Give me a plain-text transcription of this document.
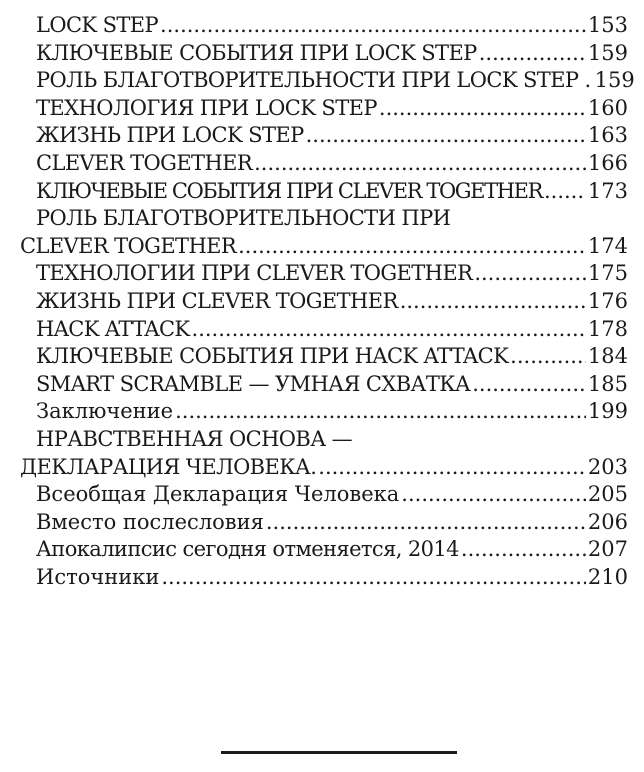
LOCK STEP .....	153
КЛЮЧЕВЫЕ СОБЫТИЯ ПРИ LOCK STEP .....	159
РОЛЬ БЛАГОТВОРИТЕЛЬНОСТИ ПРИ LOCK STEP . 159
ТЕХНОЛОГИЯ ПРИ LOCK STEP .....	160
ЖИЗНЬ ПРИ LOCK STEP .....	163
CLEVER TOGETHER .....	166
КЛЮЧЕВЫЕ СОБЫТИЯ ПРИ CLEVER TOGETHER ..... 173
РОЛЬ БЛАГОТВОРИТЕЛЬНОСТИ ПРИ
CLEVER TOGETHER .....	174
ТЕХНОЛОГИИ ПРИ CLEVER TOGETHER .....	175
ЖИЗНЬ ПРИ CLEVER TOGETHER .....	176
HACK ATTACK .....	178
КЛЮЧЕВЫЕ СОБЫТИЯ ПРИ HACK ATTACK .....	184
SMART SCRAMBLE — УМНАЯ СХВАТКА .....	185
Заключение .....	199
НРАВСТВЕННАЯ ОСНОВА —
ДЕКЛАРАЦИЯ ЧЕЛОВЕКА. .....	203
Всеобщая Декларация Человека .....	205
Вместо послесловия .....	206
Апокалипсис сегодня отменяется, 2014 .....	207
Источники .....	210
